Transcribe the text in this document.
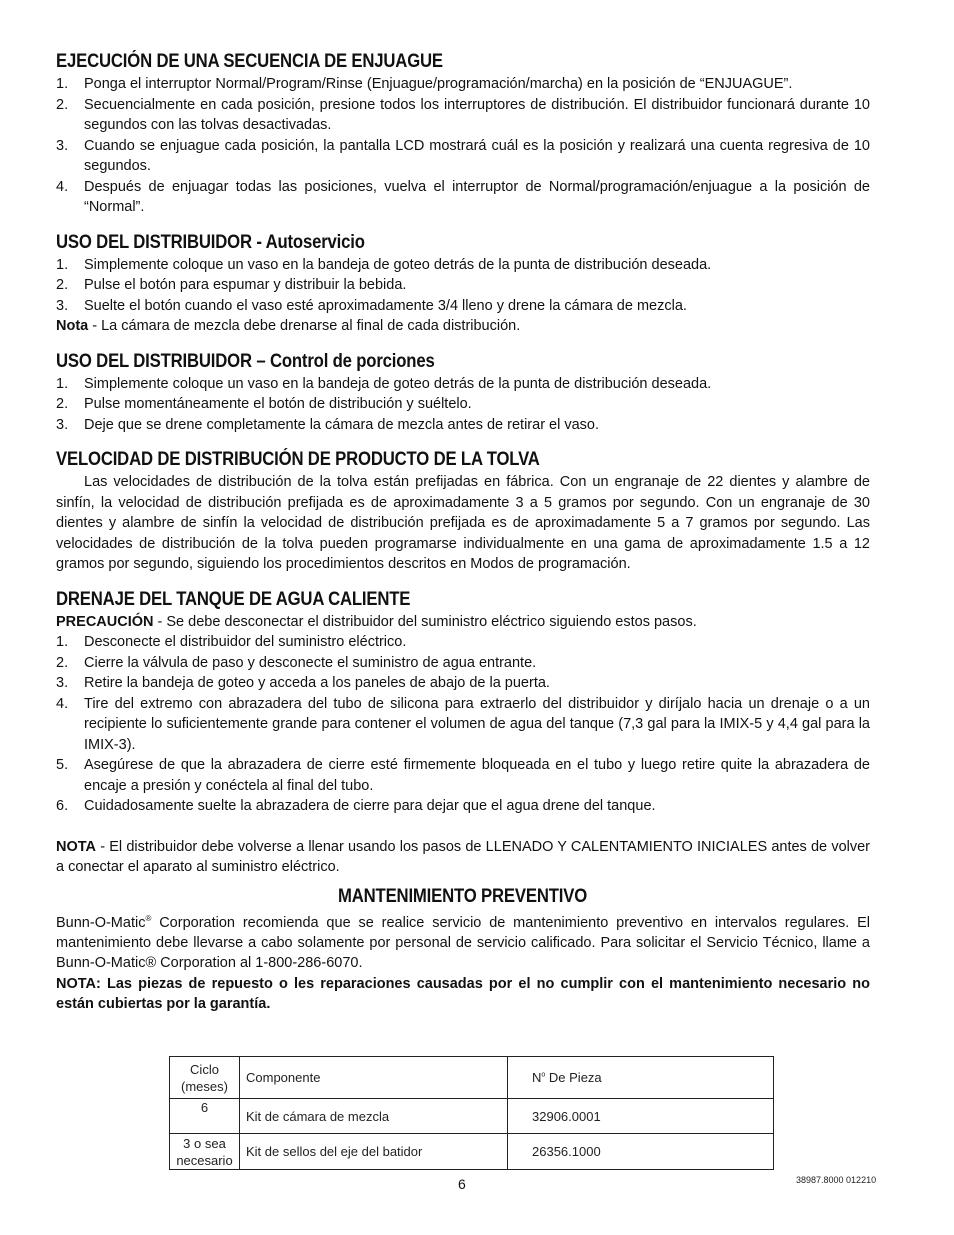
EJECUCIÓN DE UNA SECUENCIA DE ENJUAGUE
1. Ponga el interruptor Normal/Program/Rinse (Enjuague/programación/marcha) en la posición de “ENJUAGUE”.
2. Secuencialmente en cada posición, presione todos los interruptores de distribución. El distribuidor funcionará durante 10 segundos con las tolvas desactivadas.
3. Cuando se enjuague cada posición, la pantalla LCD mostrará cuál es la posición y realizará una cuenta regresiva de 10 segundos.
4. Después de enjuagar todas las posiciones, vuelva el interruptor de Normal/programación/enjuague a la posición de “Normal”.
USO DEL DISTRIBUIDOR - Autoservicio
1. Simplemente coloque un vaso en la bandeja de goteo detrás de la punta de distribución deseada.
2. Pulse el botón para espumar y distribuir la bebida.
3. Suelte el botón cuando el vaso esté aproximadamente 3/4 lleno y drene la cámara de mezcla.

Nota - La cámara de mezcla debe drenarse al final de cada distribución.

USO DEL DISTRIBUIDOR – Control de porciones
1. Simplemente coloque un vaso en la bandeja de goteo detrás de la punta de distribución deseada.
2. Pulse momentáneamente el botón de distribución y suéltelo.
3. Deje que se drene completamente la cámara de mezcla antes de retirar el vaso.
VELOCIDAD DE DISTRIBUCIÓN DE PRODUCTO DE LA TOLVA

Las velocidades de distribución de la tolva están prefijadas en fábrica. Con un engranaje de 22 dientes y alambre de sinfín, la velocidad de distribución prefijada es de aproximadamente 3 a 5 gramos por segundo. Con un engranaje de 30 dientes y alambre de sinfín la velocidad de distribución prefijada es de aproximadamente 5 a 7 gramos por segundo. Las velocidades de distribución de la tolva pueden programarse individualmente en una gama de aproximadamente 1.5 a 12 gramos por segundo, siguiendo los procedimientos descritos en Modos de programación.

DRENAJE DEL TANQUE DE AGUA CALIENTE

PRECAUCIÓN - Se debe desconectar el distribuidor del suministro eléctrico siguiendo estos pasos.

1. Desconecte el distribuidor del suministro eléctrico.
2. Cierre la válvula de paso y desconecte el suministro de agua entrante.
3. Retire la bandeja de goteo y acceda a los paneles de abajo de la puerta.
4. Tire del extremo con abrazadera del tubo de silicona para extraerlo del distribuidor y diríjalo hacia un drenaje o a un recipiente lo suficientemente grande para contener el volumen de agua del tanque (7,3 gal para la IMIX-5 y 4,4 gal para la IMIX-3).
5. Asegúrese de que la abrazadera de cierre esté firmemente bloqueada en el tubo y luego retire quite la abrazadera de encaje a presión y conéctela al final del tubo.
6. Cuidadosamente suelte la abrazadera de cierre para dejar que el agua drene del tanque.

NOTA - El distribuidor debe volverse a llenar usando los pasos de LLENADO Y CALENTAMIENTO INICIALES antes de volver a conectar el aparato al suministro eléctrico.

MANTENIMIENTO PREVENTIVO

Bunn-O-Matic® Corporation recomienda que se realice servicio de mantenimiento preventivo en intervalos regulares. El mantenimiento debe llevarse a cabo solamente por personal de servicio calificado. Para solicitar el Servicio Técnico, llame a Bunn-O-Matic® Corporation al 1-800-286-6070.

NOTA: Las piezas de repuesto o les reparaciones causadas por el no cumplir con el mantenimiento necesario no están cubiertas por la garantía.

Ciclo
(meses)	Componente	$N^o$ De Pieza
6	Kit de cámara de mezcla	32906.0001
3 o sea
necesario	Kit de sellos del eje del batidor	26356.1000
6	38987.8000 012210
